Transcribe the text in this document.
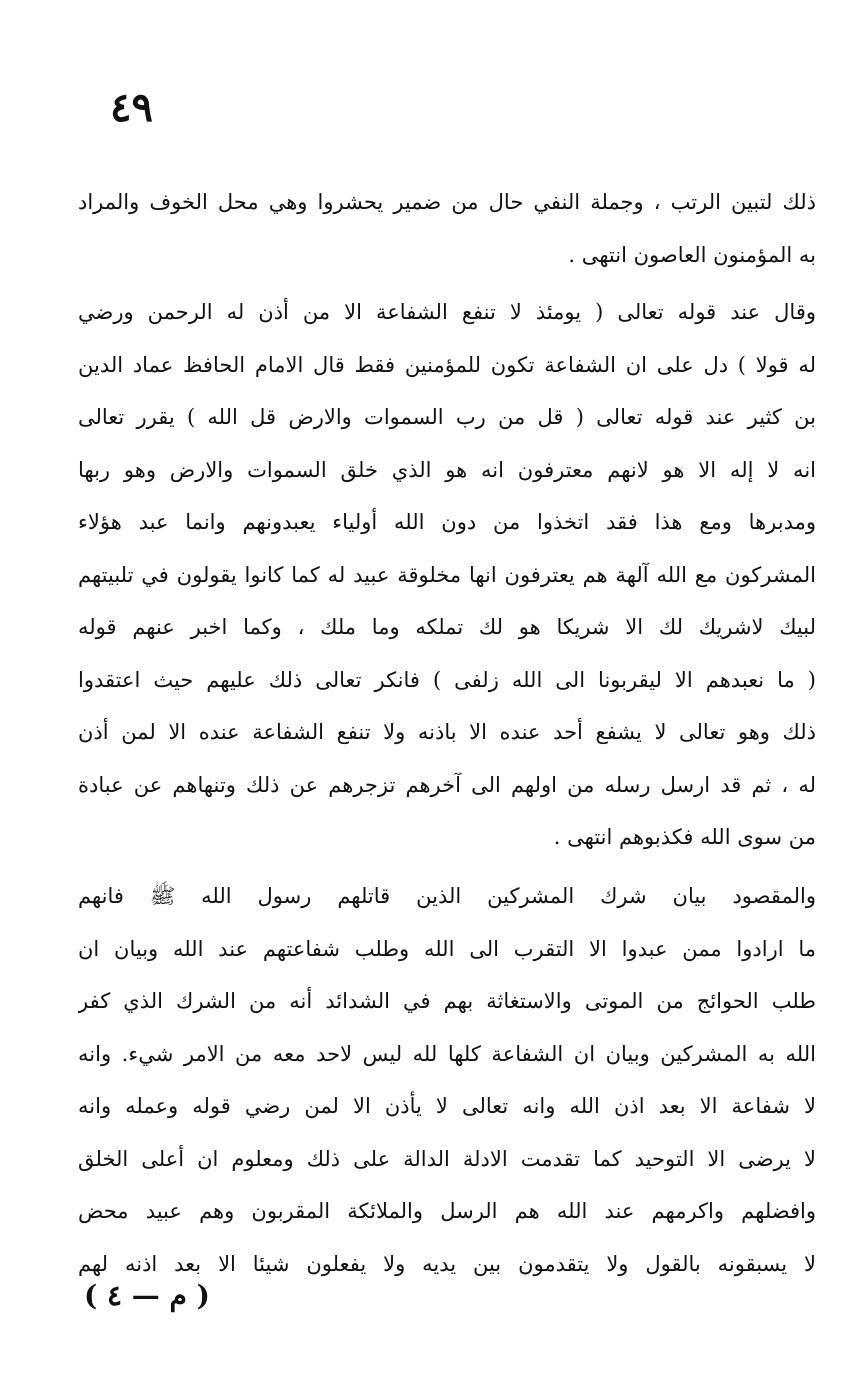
٤٩
ذلك لتبين الرتب ، وجملة النفي حال من ضمير يحشروا وهي محل الخوف والمراد
به المؤمنون العاصون انتهى .
وقال عند قوله تعالى ( يومئذ لا تنفع الشفاعة الا من أذن له الرحمن ورضي
له قولا ) دل على ان الشفاعة تكون للمؤمنين فقط قال الامام الحافظ عماد الدين
بن كثير عند قوله تعالى ( قل من رب السموات والارض قل الله ) يقرر تعالى
انه لا إله الا هو لانهم معترفون انه هو الذي خلق السموات والارض وهو ربها
ومدبرها ومع هذا فقد اتخذوا من دون الله أولياء يعبدونهم وانما عبد هؤلاء
المشركون مع الله آلهة هم يعترفون انها مخلوقة عبيد له كما كانوا يقولون في تلبيتهم
لبيك لاشريك لك الا شريكا هو لك تملكه وما ملك ، وكما اخبر عنهم قوله
( ما نعبدهم الا ليقربونا الى الله زلفى ) فانكر تعالى ذلك عليهم حيث اعتقدوا
ذلك وهو تعالى لا يشفع أحد عنده الا باذنه ولا تنفع الشفاعة عنده الا لمن أذن
له ، ثم قد ارسل رسله من اولهم الى آخرهم تزجرهم عن ذلك وتنهاهم عن عبادة
من سوى الله فكذبوهم انتهى .
والمقصود بيان شرك المشركين الذين قاتلهم رسول الله ﷺ فانهم
ما ارادوا ممن عبدوا الا التقرب الى الله وطلب شفاعتهم عند الله وبيان ان
طلب الحوائج من الموتى والاستغاثة بهم في الشدائد أنه من الشرك الذي كفر
الله به المشركين وبيان ان الشفاعة كلها لله ليس لاحد معه من الامر شيء. وانه
لا شفاعة الا بعد اذن الله وانه تعالى لا يأذن الا لمن رضي قوله وعمله وانه
لا يرضى الا التوحيد كما تقدمت الادلة الدالة على ذلك ومعلوم ان أعلى الخلق
وافضلهم واكرمهم عند الله هم الرسل والملائكة المقربون وهم عبيد محض
لا يسبقونه بالقول ولا يتقدمون بين يديه ولا يفعلون شيئا الا بعد اذنه لهم
( م — ٤ )
